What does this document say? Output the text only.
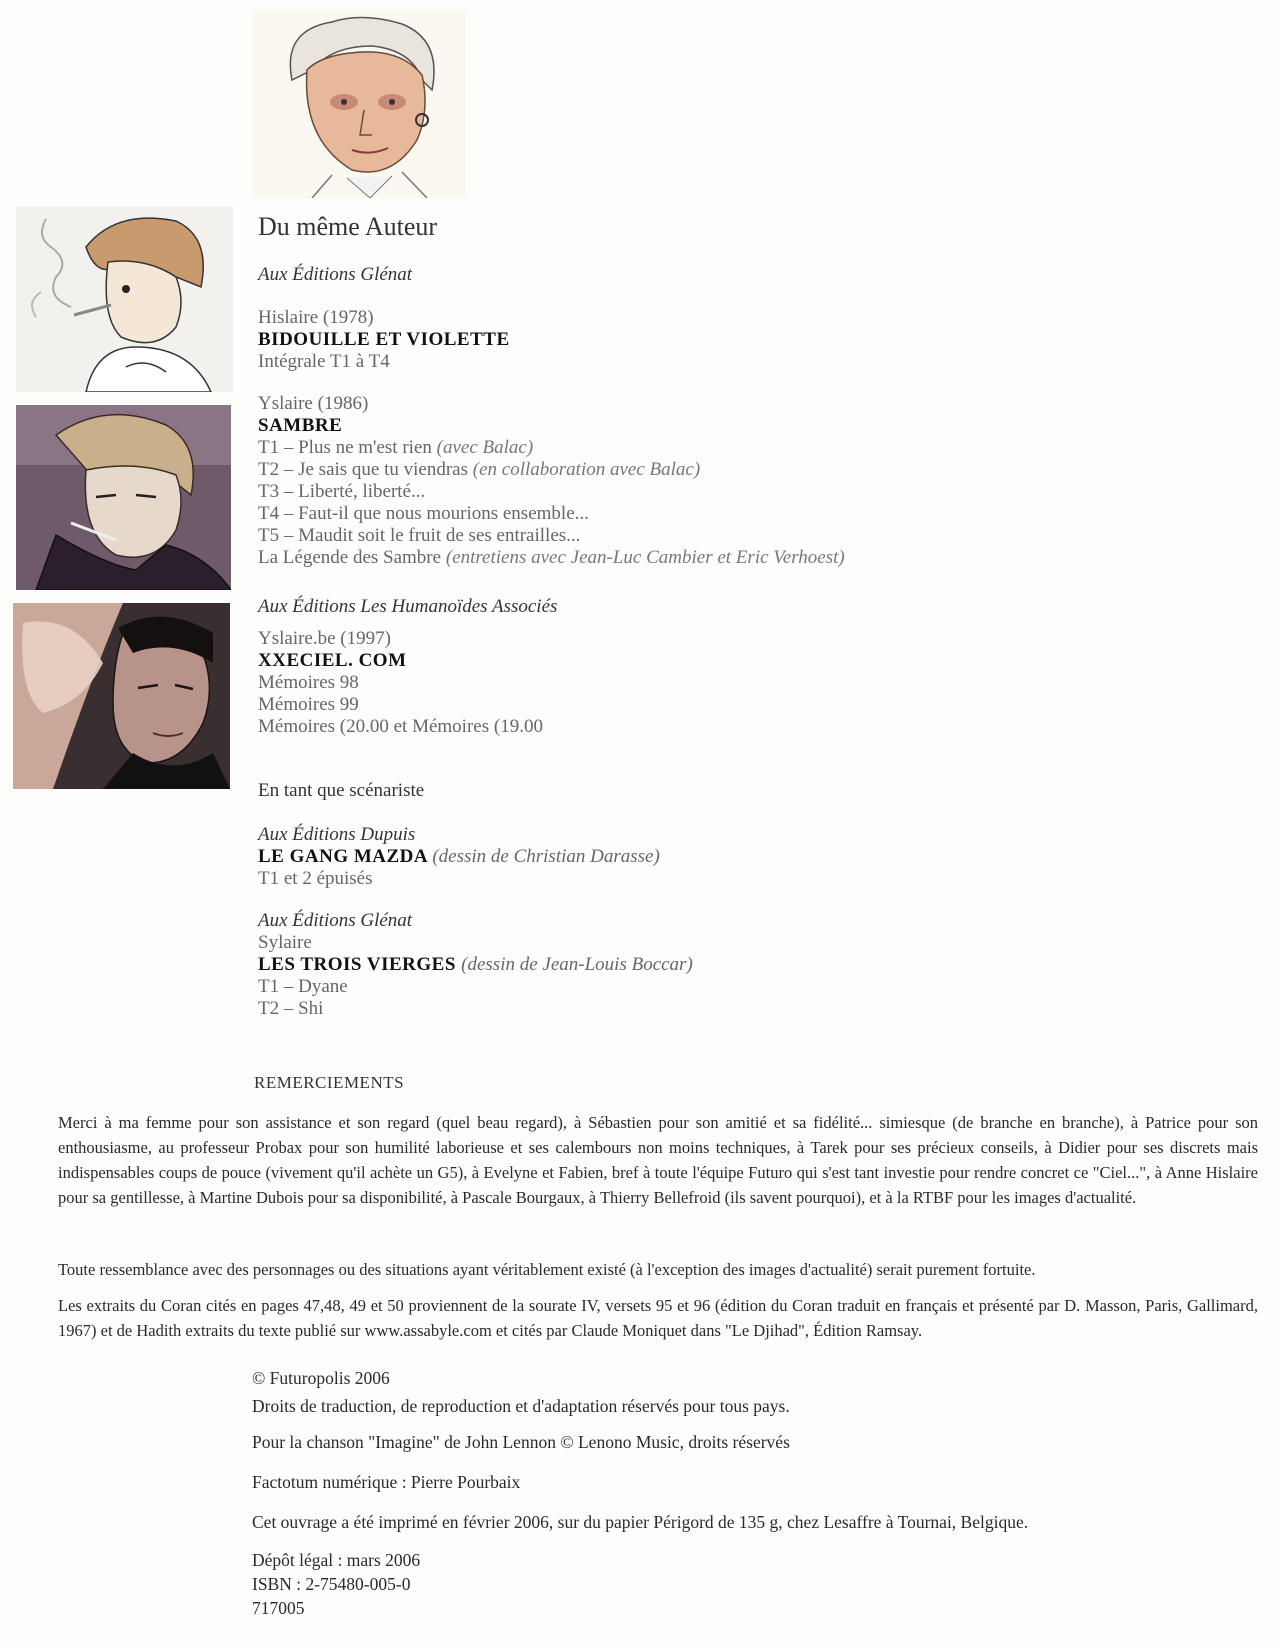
Du même Auteur
Aux Éditions Glénat
Hislaire (1978)
BIDOUILLE ET VIOLETTE
Intégrale T1 à T4
Yslaire (1986)
SAMBRE
T1 – Plus ne m'est rien (avec Balac)
T2 – Je sais que tu viendras (en collaboration avec Balac)
T3 – Liberté, liberté...
T4 – Faut-il que nous mourions ensemble...
T5 – Maudit soit le fruit de ses entrailles...
La Légende des Sambre (entretiens avec Jean-Luc Cambier et Eric Verhoest)
Aux Éditions Les Humanoïdes Associés
Yslaire.be (1997)
XXECIEL. COM
Mémoires 98
Mémoires 99
Mémoires (20.00 et Mémoires (19.00
En tant que scénariste
Aux Éditions Dupuis
LE GANG MAZDA (dessin de Christian Darasse)
T1 et 2 épuisés
Aux Éditions Glénat
Sylaire
LES TROIS VIERGES (dessin de Jean-Louis Boccar)
T1 – Dyane
T2 – Shi
REMERCIEMENTS
Merci à ma femme pour son assistance et son regard (quel beau regard), à Sébastien pour son amitié et sa fidélité... simiesque (de branche en branche), à Patrice pour son enthousiasme, au professeur Probax pour son humilité laborieuse et ses calembours non moins techniques, à Tarek pour ses précieux conseils, à Didier pour ses discrets mais indispensables coups de pouce (vivement qu'il achète un G5), à Evelyne et Fabien, bref à toute l'équipe Futuro qui s'est tant investie pour rendre concret ce "Ciel...", à Anne Hislaire pour sa gentillesse, à Martine Dubois pour sa disponibilité, à Pascale Bourgaux, à Thierry Bellefroid (ils savent pourquoi), et à la RTBF pour les images d'actualité.
Toute ressemblance avec des personnages ou des situations ayant véritablement existé (à l'exception des images d'actualité) serait purement fortuite.
Les extraits du Coran cités en pages 47,48, 49 et 50 proviennent de la sourate IV, versets 95 et 96 (édition du Coran traduit en français et présenté par D. Masson, Paris, Gallimard, 1967) et de Hadith extraits du texte publié sur www.assabyle.com et cités par Claude Moniquet dans "Le Djihad", Édition Ramsay.
© Futuropolis 2006
Droits de traduction, de reproduction et d'adaptation réservés pour tous pays.
Pour la chanson "Imagine" de John Lennon © Lenono Music, droits réservés
Factotum numérique : Pierre Pourbaix
Cet ouvrage a été imprimé en février 2006, sur du papier Périgord de 135 g, chez Lesaffre à Tournai, Belgique.
Dépôt légal : mars 2006
ISBN : 2-75480-005-0
717005
